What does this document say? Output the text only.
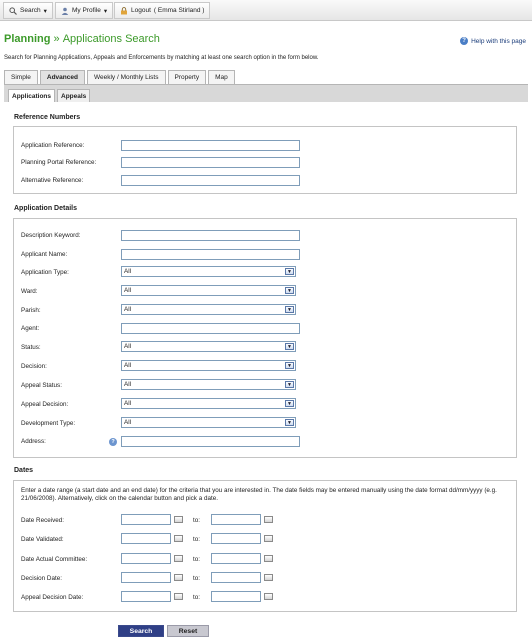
Search ▾	My Profile ▾	Logout ( Emma Stirland )
Planning » Applications Search	? Help with this page
Search for Planning Applications, Appeals and Enforcements by matching at least one search option in the form below.
Simple	Advanced	Weekly / Monthly Lists	Property	Map
Applications	Appeals
Reference Numbers
Application Reference:
Planning Portal Reference:
Alternative Reference:
Application Details
Description Keyword:
Applicant Name:
Application Type:	All	▼
Ward:	All	▼
Parish:	All	▼
Agent:
Status:	All	▼
Decision:	All	▼
Appeal Status:	All	▼
Appeal Decision:	All	▼
Development Type:	All	▼
Address:	?
Dates
Enter a date range (a start date and an end date) for the criteria that you are interested in. The date fields may be entered manually using the date format dd/mm/yyyy (e.g. 21/06/2008). Alternatively, click on the calendar button and pick a date.
Date Received:	to:
Date Validated:	to:
Date Actual Committee:	to:
Decision Date:	to:
Appeal Decision Date:	to:
Search	Reset
